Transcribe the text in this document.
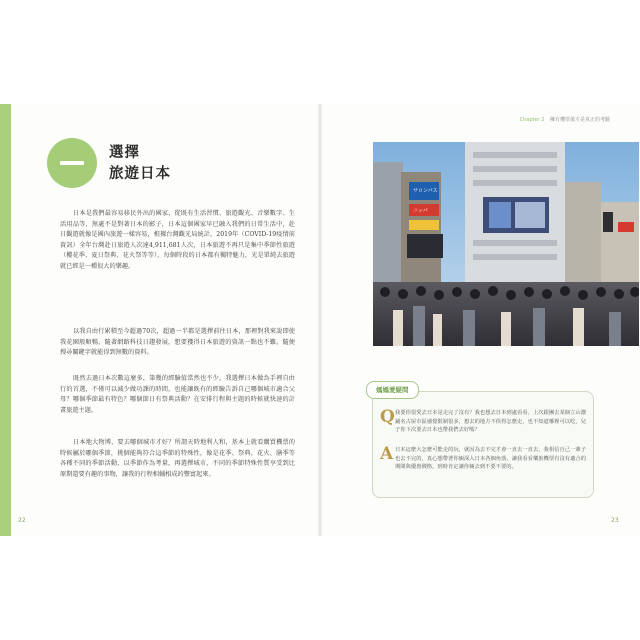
選擇
旅遊日本

日本是我們最容易移民外出的國家，從既有生活習慣、旅遊觀光、音樂數字、生活用品等，無處不是對著日本的影子，日本這個國家早已融入我們的日常生活中，赴日觀遊就像是國內旅遊一樣容易，根據台灣觀光局統計，2019年（COVID-19疫情前資訊）全年台灣赴日旅遊人次達4,911,681人次，日本旅遊不再只是集中季節性旅遊（櫻花季、夏日祭典、花火祭等等），每個時段的日本都有獨特魅力，光是單純去旅遊就已經是一種很大的樂趣。

以我自由行累積至今超過70次，超過一半都是選擇前往日本，那裡對我來說即使我花園般順暢，隨著網路科技日趨發展，想要獲得日本旅遊的資訊一點也不難，隨便搜尋關鍵字就能得到無數的資料。

既然去過日本次數這麼多，第幾的經驗值當然也不少，我選擇日本做為手裡自由行的首選，不僅可以減少做功課的時間，也能讓既有的經驗告訴自己哪個城市適合父母？哪個季節最有特色？哪個節日有祭典活動？在安排行程與主題的時候就快速的計畫旅遊主題。

日本地大物博，要去哪個城市才好？所謂天時地利人和，基本上就看購買機票的時候屬於哪個季節，挑個能夠符合這季節的特殊性，像是花季、祭典、花火、膳季等各種不同的季節活動，以季節作為考量，再選擇城市，不同的季節特殊性質享受到比原期還要有趣的事物，讓我的行程相輔相成的豐富起來。

22
Chapter 2 擁有機票後才是真正的考驗
サロンパス
ニッパ
媽媽愛疑問
Q 我要你很愛去日本是走完了沒有？我也想去日本到處看看，上次跟團去某個立山濃鋪名古屋市區感覺限制很多，想去的地方不俱得怎麼走，也不知道哪裡可以吃，兒子你下次要去日本也帶我們去好嗎？
A 日本這麼大怎麼可能走的玩，就因為去不完才會一直去一直去，我相信自己一輩子也去不完的，真心想帶著你倆深入日本各個角落，讓我看看樂旅機票有沒有適合的期間與優惠價格，到時肯定讓你倆去到不要不要的。
23
